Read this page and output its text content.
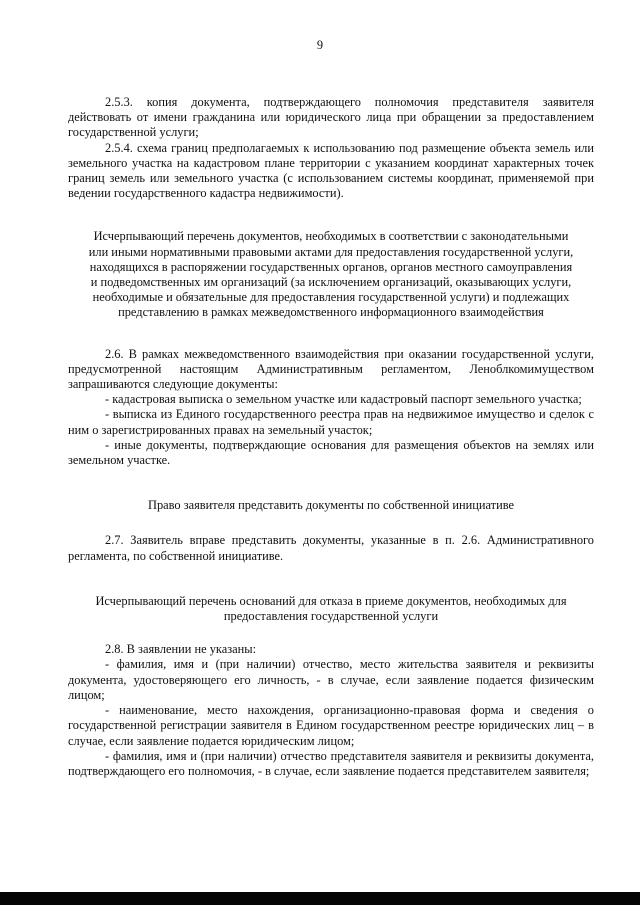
9

2.5.3. копия документа, подтверждающего полномочия представителя заявителя действовать от имени гражданина или юридического лица при обращении за предоставлением государственной услуги;

2.5.4. схема границ предполагаемых к использованию под размещение объекта земель или земельного участка на кадастровом плане территории с указанием координат характерных точек границ земель или земельного участка (с использованием системы координат, применяемой при ведении государственного кадастра недвижимости).

Исчерпывающий перечень документов, необходимых в соответствии с законодательными или иными нормативными правовыми актами для предоставления государственной услуги, находящихся в распоряжении государственных органов, органов местного самоуправления и подведомственных им организаций (за исключением организаций, оказывающих услуги, необходимые и обязательные для предоставления государственной услуги) и подлежащих представлению в рамках межведомственного информационного взаимодействия

2.6. В рамках межведомственного взаимодействия при оказании государственной услуги, предусмотренной настоящим Административным регламентом, Леноблкомимуществом запрашиваются следующие документы:

- кадастровая выписка о земельном участке или кадастровый паспорт земельного участка;

- выписка из Единого государственного реестра прав на недвижимое имущество и сделок с ним о зарегистрированных правах на земельный участок;

- иные документы, подтверждающие основания для размещения объектов на землях или земельном участке.

Право заявителя представить документы по собственной инициативе

2.7. Заявитель вправе представить документы, указанные в п. 2.6. Административного регламента, по собственной инициативе.

Исчерпывающий перечень оснований для отказа в приеме документов, необходимых для предоставления государственной услуги

2.8. В заявлении не указаны:

- фамилия, имя и (при наличии) отчество, место жительства заявителя и реквизиты документа, удостоверяющего его личность, - в случае, если заявление подается физическим лицом;

- наименование, место нахождения, организационно-правовая форма и сведения о государственной регистрации заявителя в Едином государственном реестре юридических лиц – в случае, если заявление подается юридическим лицом;

- фамилия, имя и (при наличии) отчество представителя заявителя и реквизиты документа, подтверждающего его полномочия, - в случае, если заявление подается представителем заявителя;
